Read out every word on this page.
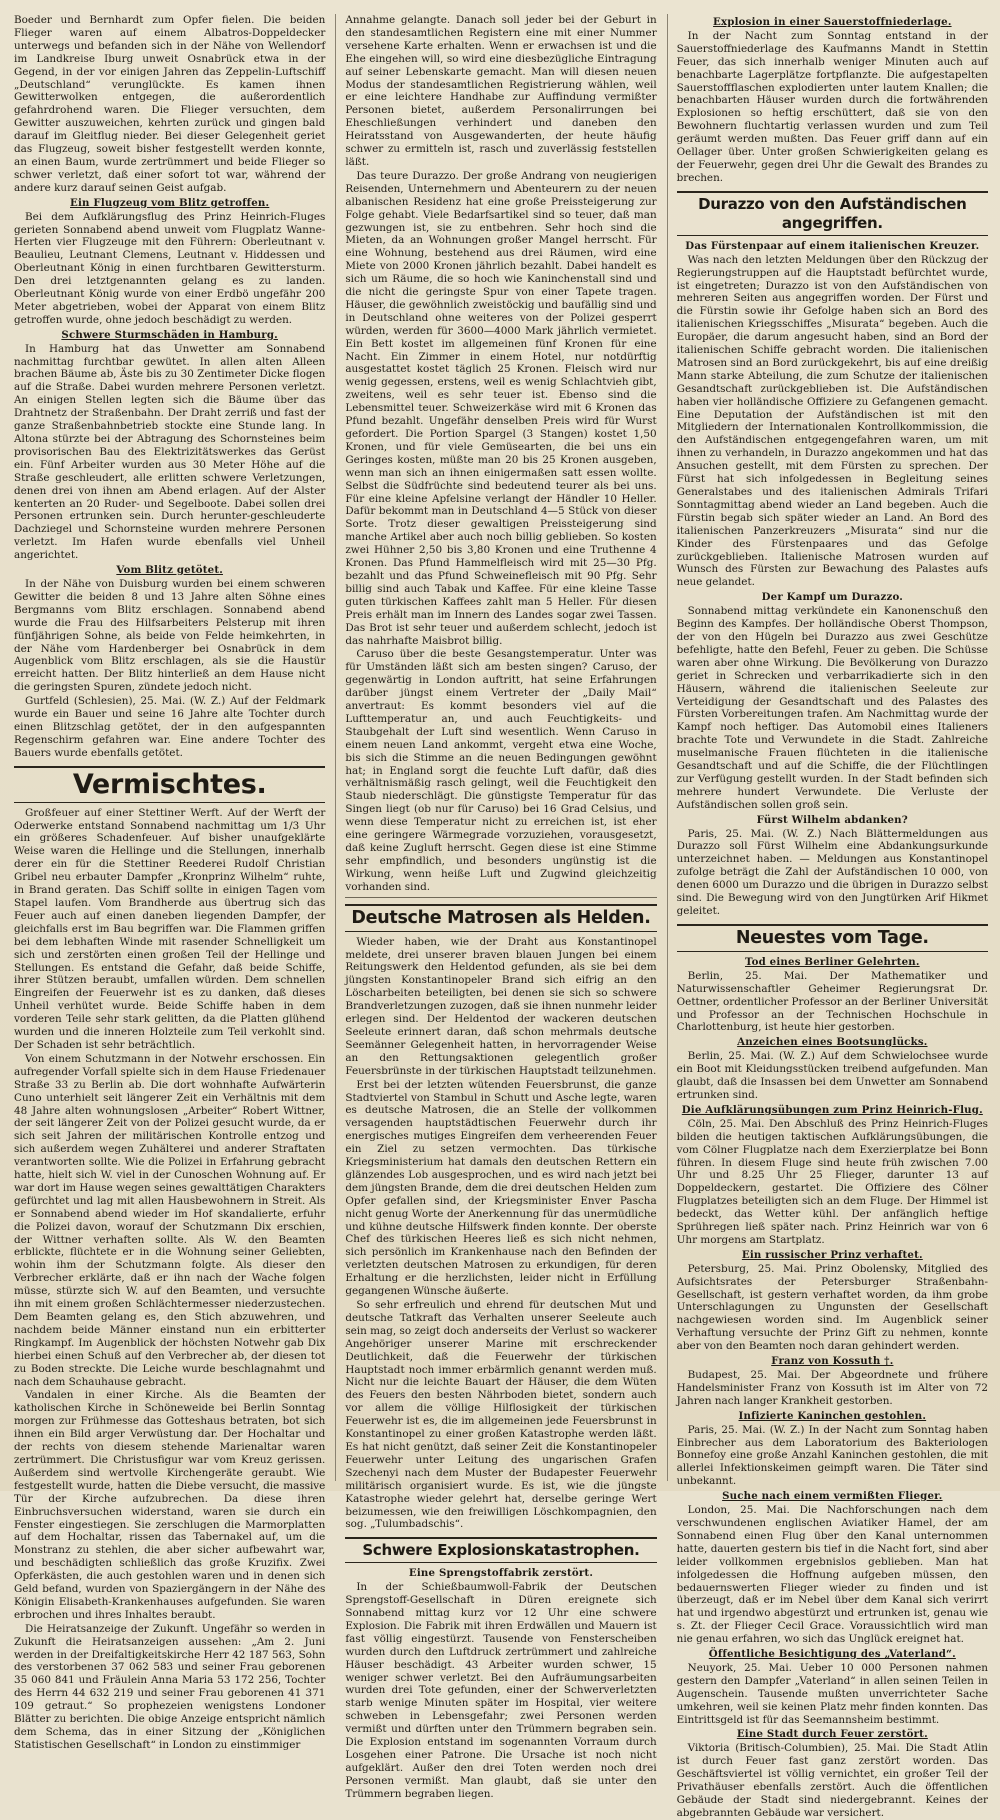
Boeder und Bernhardt zum Opfer fielen. Die beiden Flieger waren auf einem Albatros-Doppeldecker unterwegs und befanden sich in der Nähe von Wellendorf im Landkreise Iburg unweit Osnabrück etwa in der Gegend, in der vor einigen Jahren das Zeppelin-Luftschiff „Deutschland“ verunglückte. Es kamen ihnen Gewitterwolken entgegen, die außerordentlich gefahrdrohend waren. Die Flieger versuchten, dem Gewitter auszuweichen, kehrten zurück und gingen bald darauf im Gleitflug nieder. Bei dieser Gelegenheit geriet das Flugzeug, soweit bisher festgestellt werden konnte, an einen Baum, wurde zertrümmert und beide Flieger so schwer verletzt, daß einer sofort tot war, während der andere kurz darauf seinen Geist aufgab.

Ein Flugzeug vom Blitz getroffen.

Bei dem Aufklärungsflug des Prinz Heinrich-Fluges gerieten Sonnabend abend unweit vom Flugplatz Wanne-Herten vier Flugzeuge mit den Führern: Oberleutnant v. Beaulieu, Leutnant Clemens, Leutnant v. Hiddessen und Oberleutnant König in einen furchtbaren Gewittersturm. Den drei letztgenannten gelang es zu landen. Oberleutnant König wurde von einer Erdbö ungefähr 200 Meter abgetrieben, wobei der Apparat von einem Blitz getroffen wurde, ohne jedoch beschädigt zu werden.

Schwere Sturmschäden in Hamburg.

In Hamburg hat das Unwetter am Sonnabend nachmittag furchtbar gewütet. In allen alten Alleen brachen Bäume ab, Äste bis zu 30 Zentimeter Dicke flogen auf die Straße. Dabei wurden mehrere Personen verletzt. An einigen Stellen legten sich die Bäume über das Drahtnetz der Straßenbahn. Der Draht zerriß und fast der ganze Straßenbahnbetrieb stockte eine Stunde lang. In Altona stürzte bei der Abtragung des Schornsteines beim provisorischen Bau des Elektrizitätswerkes das Gerüst ein. Fünf Arbeiter wurden aus 30 Meter Höhe auf die Straße geschleudert, alle erlitten schwere Verletzungen, denen drei von ihnen am Abend erlagen. Auf der Alster kenterten an 20 Ruder- und Segelboote. Dabei sollen drei Personen ertrunken sein. Durch herunter-geschleuderte Dachziegel und Schornsteine wurden mehrere Personen verletzt. Im Hafen wurde ebenfalls viel Unheil angerichtet.

Vom Blitz getötet.

In der Nähe von Duisburg wurden bei einem schweren Gewitter die beiden 8 und 13 Jahre alten Söhne eines Bergmanns vom Blitz erschlagen. Sonnabend abend wurde die Frau des Hilfsarbeiters Pelsterup mit ihren fünfjährigen Sohne, als beide von Felde heimkehrten, in der Nähe vom Hardenberger bei Osnabrück in dem Augenblick vom Blitz erschlagen, als sie die Haustür erreicht hatten. Der Blitz hinterließ an dem Hause nicht die geringsten Spuren, zündete jedoch nicht.

Gurtfeld (Schlesien), 25. Mai. (W. Z.) Auf der Feldmark wurde ein Bauer und seine 16 Jahre alte Tochter durch einen Blitzschlag getötet, der in den aufgespannten Regenschirm gefahren war. Eine andere Tochter des Bauers wurde ebenfalls getötet.

Vermischtes.

Großfeuer auf einer Stettiner Werft. Auf der Werft der Oderwerke entstand Sonnabend nachmittag um 1/3 Uhr ein größeres Schadenfeuer. Auf bisher unaufgeklärte Weise waren die Hellinge und die Stellungen, innerhalb derer ein für die Stettiner Reederei Rudolf Christian Gribel neu erbauter Dampfer „Kronprinz Wilhelm“ ruhte, in Brand geraten. Das Schiff sollte in einigen Tagen vom Stapel laufen. Vom Brandherde aus übertrug sich das Feuer auch auf einen daneben liegenden Dampfer, der gleichfalls erst im Bau begriffen war. Die Flammen griffen bei dem lebhaften Winde mit rasender Schnelligkeit um sich und zerstörten einen großen Teil der Hellinge und Stellungen. Es entstand die Gefahr, daß beide Schiffe, ihrer Stützen beraubt, umfallen würden. Dem schnellen Eingreifen der Feuerwehr ist es zu danken, daß dieses Unheil verhütet wurde. Beide Schiffe haben in dem vorderen Teile sehr stark gelitten, da die Platten glühend wurden und die inneren Holzteile zum Teil verkohlt sind. Der Schaden ist sehr beträchtlich.

Von einem Schutzmann in der Notwehr erschossen. Ein aufregender Vorfall spielte sich in dem Hause Friedenauer Straße 33 zu Berlin ab. Die dort wohnhafte Aufwärterin Cuno unterhielt seit längerer Zeit ein Verhältnis mit dem 48 Jahre alten wohnungslosen „Arbeiter“ Robert Wittner, der seit längerer Zeit von der Polizei gesucht wurde, da er sich seit Jahren der militärischen Kontrolle entzog und sich außerdem wegen Zuhälterei und anderer Straftaten verantworten sollte. Wie die Polizei in Erfahrung gebracht hatte, hielt sich W. viel in der Cunoschen Wohnung auf. Er war dort im Hause wegen seines gewalttätigen Charakters gefürchtet und lag mit allen Hausbewohnern in Streit. Als er Sonnabend abend wieder im Hof skandalierte, erfuhr die Polizei davon, worauf der Schutzmann Dix erschien, der Wittner verhaften sollte. Als W. den Beamten erblickte, flüchtete er in die Wohnung seiner Geliebten, wohin ihm der Schutzmann folgte. Als dieser den Verbrecher erklärte, daß er ihn nach der Wache folgen müsse, stürzte sich W. auf den Beamten, und versuchte ihn mit einem großen Schlächtermesser niederzustechen. Dem Beamten gelang es, den Stich abzuwehren, und nachdem beide Männer einstand nun ein erbitterter Ringkampf. Im Augenblick der höchsten Notwehr gab Dix hierbei einen Schuß auf den Verbrecher ab, der diesen tot zu Boden streckte. Die Leiche wurde beschlagnahmt und nach dem Schauhause gebracht.

Vandalen in einer Kirche. Als die Beamten der katholischen Kirche in Schöneweide bei Berlin Sonntag morgen zur Frühmesse das Gotteshaus betraten, bot sich ihnen ein Bild arger Verwüstung dar. Der Hochaltar und der rechts von diesem stehende Marienaltar waren zertrümmert. Die Christusfigur war vom Kreuz gerissen. Außerdem sind wertvolle Kirchengeräte geraubt. Wie festgestellt wurde, hatten die Diebe versucht, die massive Tür der Kirche aufzubrechen. Da diese ihren Einbruchsversuchen widerstand, waren sie durch ein Fenster eingestiegen. Sie zerschlugen die Marmorplatten auf dem Hochaltar, rissen das Tabernakel auf, um die Monstranz zu stehlen, die aber sicher aufbewahrt war, und beschädigten schließlich das große Kruzifix. Zwei Opferkästen, die auch gestohlen waren und in denen sich Geld befand, wurden von Spaziergängern in der Nähe des Königin Elisabeth-Krankenhauses aufgefunden. Sie waren erbrochen und ihres Inhaltes beraubt.

Die Heiratsanzeige der Zukunft. Ungefähr so werden in Zukunft die Heiratsanzeigen aussehen: „Am 2. Juni werden in der Dreifaltigkeitskirche Herr 42 187 563, Sohn des verstorbenen 37 062 583 und seiner Frau geborenen 35 060 841 und Fräulein Anna Maria 53 172 256, Tochter des Herrn 44 632 219 und seiner Frau geborenen 41 371 109 getraut.“ So prophezeien wenigstens Londoner Blätter zu berichten. Die obige Anzeige entspricht nämlich dem Schema, das in einer Sitzung der „Königlichen Statistischen Gesellschaft“ in London zu einstimmiger

Annahme gelangte. Danach soll jeder bei der Geburt in den standesamtlichen Registern eine mit einer Nummer versehene Karte erhalten. Wenn er erwachsen ist und die Ehe eingehen will, so wird eine diesbezügliche Eintragung auf seiner Lebenskarte gemacht. Man will diesen neuen Modus der standesamtlichen Registrierung wählen, weil er eine leichtere Handhabe zur Auffindung vermißter Personen bietet, außerdem Personalirrungen bei Eheschließungen verhindert und daneben den Heiratsstand von Ausgewanderten, der heute häufig schwer zu ermitteln ist, rasch und zuverlässig feststellen läßt.

Das teure Durazzo. Der große Andrang von neugierigen Reisenden, Unternehmern und Abenteurern zu der neuen albanischen Residenz hat eine große Preissteigerung zur Folge gehabt. Viele Bedarfsartikel sind so teuer, daß man gezwungen ist, sie zu entbehren. Sehr hoch sind die Mieten, da an Wohnungen großer Mangel herrscht. Für eine Wohnung, bestehend aus drei Räumen, wird eine Miete von 2000 Kronen jährlich bezahlt. Dabei handelt es sich um Räume, die so hoch wie Kaninchenstall sind und die nicht die geringste Spur von einer Tapete tragen. Häuser, die gewöhnlich zweistöckig und baufällig sind und in Deutschland ohne weiteres von der Polizei gesperrt würden, werden für 3600—4000 Mark jährlich vermietet. Ein Bett kostet im allgemeinen fünf Kronen für eine Nacht. Ein Zimmer in einem Hotel, nur notdürftig ausgestattet kostet täglich 25 Kronen. Fleisch wird nur wenig gegessen, erstens, weil es wenig Schlachtvieh gibt, zweitens, weil es sehr teuer ist. Ebenso sind die Lebensmittel teuer. Schweizerkäse wird mit 6 Kronen das Pfund bezahlt. Ungefähr denselben Preis wird für Wurst gefordert. Die Portion Spargel (3 Stangen) kostet 1,50 Kronen, und für viele Gemüsearten, die bei uns ein Geringes kosten, müßte man 20 bis 25 Kronen ausgeben, wenn man sich an ihnen einigermaßen satt essen wollte. Selbst die Südfrüchte sind bedeutend teurer als bei uns. Für eine kleine Apfelsine verlangt der Händler 10 Heller. Dafür bekommt man in Deutschland 4—5 Stück von dieser Sorte. Trotz dieser gewaltigen Preissteigerung sind manche Artikel aber auch noch billig geblieben. So kosten zwei Hühner 2,50 bis 3,80 Kronen und eine Truthenne 4 Kronen. Das Pfund Hammelfleisch wird mit 25—30 Pfg. bezahlt und das Pfund Schweinefleisch mit 90 Pfg. Sehr billig sind auch Tabak und Kaffee. Für eine kleine Tasse guten türkischen Kaffees zahlt man 5 Heller. Für diesen Preis erhält man im Innern des Landes sogar zwei Tassen. Das Brot ist sehr teuer und außerdem schlecht, jedoch ist das nahrhafte Maisbrot billig.

Caruso über die beste Gesangstemperatur. Unter was für Umständen läßt sich am besten singen? Caruso, der gegenwärtig in London auftritt, hat seine Erfahrungen darüber jüngst einem Vertreter der „Daily Mail“ anvertraut: Es kommt besonders viel auf die Lufttemperatur an, und auch Feuchtigkeits- und Staubgehalt der Luft sind wesentlich. Wenn Caruso in einem neuen Land ankommt, vergeht etwa eine Woche, bis sich die Stimme an die neuen Bedingungen gewöhnt hat; in England sorgt die feuchte Luft dafür, daß dies verhältnismäßig rasch gelingt, weil die Feuchtigkeit den Staub niederschlägt. Die günstigste Temperatur für das Singen liegt (ob nur für Caruso) bei 16 Grad Celsius, und wenn diese Temperatur nicht zu erreichen ist, ist eher eine geringere Wärmegrade vorzuziehen, vorausgesetzt, daß keine Zugluft herrscht. Gegen diese ist eine Stimme sehr empfindlich, und besonders ungünstig ist die Wirkung, wenn heiße Luft und Zugwind gleichzeitig vorhanden sind.

Deutsche Matrosen als Helden.

Wieder haben, wie der Draht aus Konstantinopel meldete, drei unserer braven blauen Jungen bei einem Reitungswerk den Heldentod gefunden, als sie bei dem jüngsten Konstantinopeler Brand sich eifrig an den Löscharbeiten beteiligten, bei denen sie sich so schwere Brandverletzungen zuzogen, daß sie ihnen nunmehr leider erlegen sind. Der Heldentod der wackeren deutschen Seeleute erinnert daran, daß schon mehrmals deutsche Seemänner Gelegenheit hatten, in hervorragender Weise an den Rettungsaktionen gelegentlich großer Feuersbrünste in der türkischen Hauptstadt teilzunehmen.

Erst bei der letzten wütenden Feuersbrunst, die ganze Stadtviertel von Stambul in Schutt und Asche legte, waren es deutsche Matrosen, die an Stelle der vollkommen versagenden hauptstädtischen Feuerwehr durch ihr energisches mutiges Eingreifen dem verheerenden Feuer ein Ziel zu setzen vermochten. Das türkische Kriegsministerium hat damals den deutschen Rettern ein glänzendes Lob ausgesprochen, und es wird nach jetzt bei dem jüngsten Brande, dem die drei deutschen Helden zum Opfer gefallen sind, der Kriegsminister Enver Pascha nicht genug Worte der Anerkennung für das unermüdliche und kühne deutsche Hilfswerk finden konnte. Der oberste Chef des türkischen Heeres ließ es sich nicht nehmen, sich persönlich im Krankenhause nach den Befinden der verletzten deutschen Matrosen zu erkundigen, für deren Erhaltung er die herzlichsten, leider nicht in Erfüllung gegangenen Wünsche äußerte.

So sehr erfreulich und ehrend für deutschen Mut und deutsche Tatkraft das Verhalten unserer Seeleute auch sein mag, so zeigt doch anderseits der Verlust so wackerer Angehöriger unserer Marine mit erschreckender Deutlichkeit, daß die Feuerwehr der türkischen Hauptstadt noch immer erbärmlich genannt werden muß. Nicht nur die leichte Bauart der Häuser, die dem Wüten des Feuers den besten Nährboden bietet, sondern auch vor allem die völlige Hilflosigkeit der türkischen Feuerwehr ist es, die im allgemeinen jede Feuersbrunst in Konstantinopel zu einer großen Katastrophe werden läßt. Es hat nicht genützt, daß seiner Zeit die Konstantinopeler Feuerwehr unter Leitung des ungarischen Grafen Szechenyi nach dem Muster der Budapester Feuerwehr militärisch organisiert wurde. Es ist, wie die jüngste Katastrophe wieder gelehrt hat, derselbe geringe Wert beizumessen, wie den freiwilligen Löschkompagnien, den sog. „Tulumbadschis“.

Schwere Explosionskatastrophen.
Eine Sprengstoffabrik zerstört.

In der Schießbaumwoll-Fabrik der Deutschen Sprengstoff-Gesellschaft in Düren ereignete sich Sonnabend mittag kurz vor 12 Uhr eine schwere Explosion. Die Fabrik mit ihren Erdwällen und Mauern ist fast völlig eingestürzt. Tausende von Fensterscheiben wurden durch den Luftdruck zertrümmert und zahlreiche Häuser beschädigt. 43 Arbeiter wurden schwer, 15 weniger schwer verletzt. Bei den Aufräumungsarbeiten wurden drei Tote gefunden, einer der Schwerverletzten starb wenige Minuten später im Hospital, vier weitere schweben in Lebensgefahr; zwei Personen werden vermißt und dürften unter den Trümmern begraben sein. Die Explosion entstand im sogenannten Vorraum durch Losgehen einer Patrone. Die Ursache ist noch nicht aufgeklärt. Außer den drei Toten werden noch drei Personen vermißt. Man glaubt, daß sie unter den Trümmern begraben liegen.

Explosion in einer Sauerstoffniederlage.

In der Nacht zum Sonntag entstand in der Sauerstoffniederlage des Kaufmanns Mandt in Stettin Feuer, das sich innerhalb weniger Minuten auch auf benachbarte Lagerplätze fortpflanzte. Die aufgestapelten Sauerstoffflaschen explodierten unter lautem Knallen; die benachbarten Häuser wurden durch die fortwährenden Explosionen so heftig erschüttert, daß sie von den Bewohnern fluchtartig verlassen wurden und zum Teil geräumt werden mußten. Das Feuer griff dann auf ein Oellager über. Unter großen Schwierigkeiten gelang es der Feuerwehr, gegen drei Uhr die Gewalt des Brandes zu brechen.

Durazzo von den Aufständischen angegriffen.
Das Fürstenpaar auf einem italienischen Kreuzer.

Was nach den letzten Meldungen über den Rückzug der Regierungstruppen auf die Hauptstadt befürchtet wurde, ist eingetreten; Durazzo ist von den Aufständischen von mehreren Seiten aus angegriffen worden. Der Fürst und die Fürstin sowie ihr Gefolge haben sich an Bord des italienischen Kriegsschiffes „Misurata“ begeben. Auch die Europäer, die darum angesucht haben, sind an Bord der italienischen Schiffe gebracht worden. Die italienischen Matrosen sind an Bord zurückgekehrt, bis auf eine dreißig Mann starke Abteilung, die zum Schutze der italienischen Gesandtschaft zurückgeblieben ist. Die Aufständischen haben vier holländische Offiziere zu Gefangenen gemacht. Eine Deputation der Aufständischen ist mit den Mitgliedern der Internationalen Kontrollkommission, die den Aufständischen entgegengefahren waren, um mit ihnen zu verhandeln, in Durazzo angekommen und hat das Ansuchen gestellt, mit dem Fürsten zu sprechen. Der Fürst hat sich infolgedessen in Begleitung seines Generalstabes und des italienischen Admirals Trifari Sonntagmittag abend wieder an Land begeben. Auch die Fürstin begab sich später wieder an Land. An Bord des italienischen Panzerkreuzers „Misurata“ sind nur die Kinder des Fürstenpaares und das Gefolge zurückgeblieben. Italienische Matrosen wurden auf Wunsch des Fürsten zur Bewachung des Palastes aufs neue gelandet.

Der Kampf um Durazzo.

Sonnabend mittag verkündete ein Kanonenschuß den Beginn des Kampfes. Der holländische Oberst Thompson, der von den Hügeln bei Durazzo aus zwei Geschütze befehligte, hatte den Befehl, Feuer zu geben. Die Schüsse waren aber ohne Wirkung. Die Bevölkerung von Durazzo geriet in Schrecken und verbarrikadierte sich in den Häusern, während die italienischen Seeleute zur Verteidigung der Gesandtschaft und des Palastes des Fürsten Vorbereitungen trafen. Am Nachmittag wurde der Kampf noch heftiger. Das Automobil eines Italieners brachte Tote und Verwundete in die Stadt. Zahlreiche muselmanische Frauen flüchteten in die italienische Gesandtschaft und auf die Schiffe, die der Flüchtlingen zur Verfügung gestellt wurden. In der Stadt befinden sich mehrere hundert Verwundete. Die Verluste der Aufständischen sollen groß sein.

Fürst Wilhelm abdanken?

Paris, 25. Mai. (W. Z.) Nach Blättermeldungen aus Durazzo soll Fürst Wilhelm eine Abdankungsurkunde unterzeichnet haben. — Meldungen aus Konstantinopel zufolge beträgt die Zahl der Aufständischen 10 000, von denen 6000 um Durazzo und die übrigen in Durazzo selbst sind. Die Bewegung wird von den Jungtürken Arif Hikmet geleitet.

Neuestes vom Tage.
Tod eines Berliner Gelehrten.

Berlin, 25. Mai. Der Mathematiker und Naturwissenschaftler Geheimer Regierungsrat Dr. Oettner, ordentlicher Professor an der Berliner Universität und Professor an der Technischen Hochschule in Charlottenburg, ist heute hier gestorben.

Anzeichen eines Bootsunglücks.

Berlin, 25. Mai. (W. Z.) Auf dem Schwielochsee wurde ein Boot mit Kleidungsstücken treibend aufgefunden. Man glaubt, daß die Insassen bei dem Unwetter am Sonnabend ertrunken sind.

Die Aufklärungsübungen zum Prinz Heinrich-Flug.

Cöln, 25. Mai. Den Abschluß des Prinz Heinrich-Fluges bilden die heutigen taktischen Aufklärungsübungen, die vom Cölner Flugplatze nach dem Exerzierplatze bei Bonn führen. In diesem Fluge sind heute früh zwischen 7.00 Uhr und 8.25 Uhr 25 Flieger, darunter 13 auf Doppeldeckern, gestartet. Die Offiziere des Cölner Flugplatzes beteiligten sich an dem Fluge. Der Himmel ist bedeckt, das Wetter kühl. Der anfänglich heftige Sprühregen ließ später nach. Prinz Heinrich war von 6 Uhr morgens am Startplatz.

Ein russischer Prinz verhaftet.

Petersburg, 25. Mai. Prinz Obolensky, Mitglied des Aufsichtsrates der Petersburger Straßenbahn-Gesellschaft, ist gestern verhaftet worden, da ihm grobe Unterschlagungen zu Ungunsten der Gesellschaft nachgewiesen worden sind. Im Augenblick seiner Verhaftung versuchte der Prinz Gift zu nehmen, konnte aber von den Beamten noch daran gehindert werden.

Franz von Kossuth †.

Budapest, 25. Mai. Der Abgeordnete und frühere Handelsminister Franz von Kossuth ist im Alter von 72 Jahren nach langer Krankheit gestorben.

Infizierte Kaninchen gestohlen.

Paris, 25. Mai. (W. Z.) In der Nacht zum Sonntag haben Einbrecher aus dem Laboratorium des Bakteriologen Bonnefoy eine große Anzahl Kaninchen gestohlen, die mit allerlei Infektionskeimen geimpft waren. Die Täter sind unbekannt.

Suche nach einem vermißten Flieger.

London, 25. Mai. Die Nachforschungen nach dem verschwundenen englischen Aviatiker Hamel, der am Sonnabend einen Flug über den Kanal unternommen hatte, dauerten gestern bis tief in die Nacht fort, sind aber leider vollkommen ergebnislos geblieben. Man hat infolgedessen die Hoffnung aufgeben müssen, den bedauernswerten Flieger wieder zu finden und ist überzeugt, daß er im Nebel über dem Kanal sich verirrt hat und irgendwo abgestürzt und ertrunken ist, genau wie s. Zt. der Flieger Cecil Grace. Voraussichtlich wird man nie genau erfahren, wo sich das Unglück ereignet hat.

Öffentliche Besichtigung des „Vaterland“.

Neuyork, 25. Mai. Ueber 10 000 Personen nahmen gestern den Dampfer „Vaterland“ in allen seinen Teilen in Augenschein. Tausende mußten unverrichteter Sache umkehren, weil sie keinen Platz mehr finden konnten. Das Eintrittsgeld ist für das Seemannsheim bestimmt.

Eine Stadt durch Feuer zerstört.

Viktoria (Britisch-Columbien), 25. Mai. Die Stadt Atlin ist durch Feuer fast ganz zerstört worden. Das Geschäftsviertel ist völlig vernichtet, ein großer Teil der Privathäuser ebenfalls zerstört. Auch die öffentlichen Gebäude der Stadt sind niedergebrannt. Keines der abgebrannten Gebäude war versichert.
